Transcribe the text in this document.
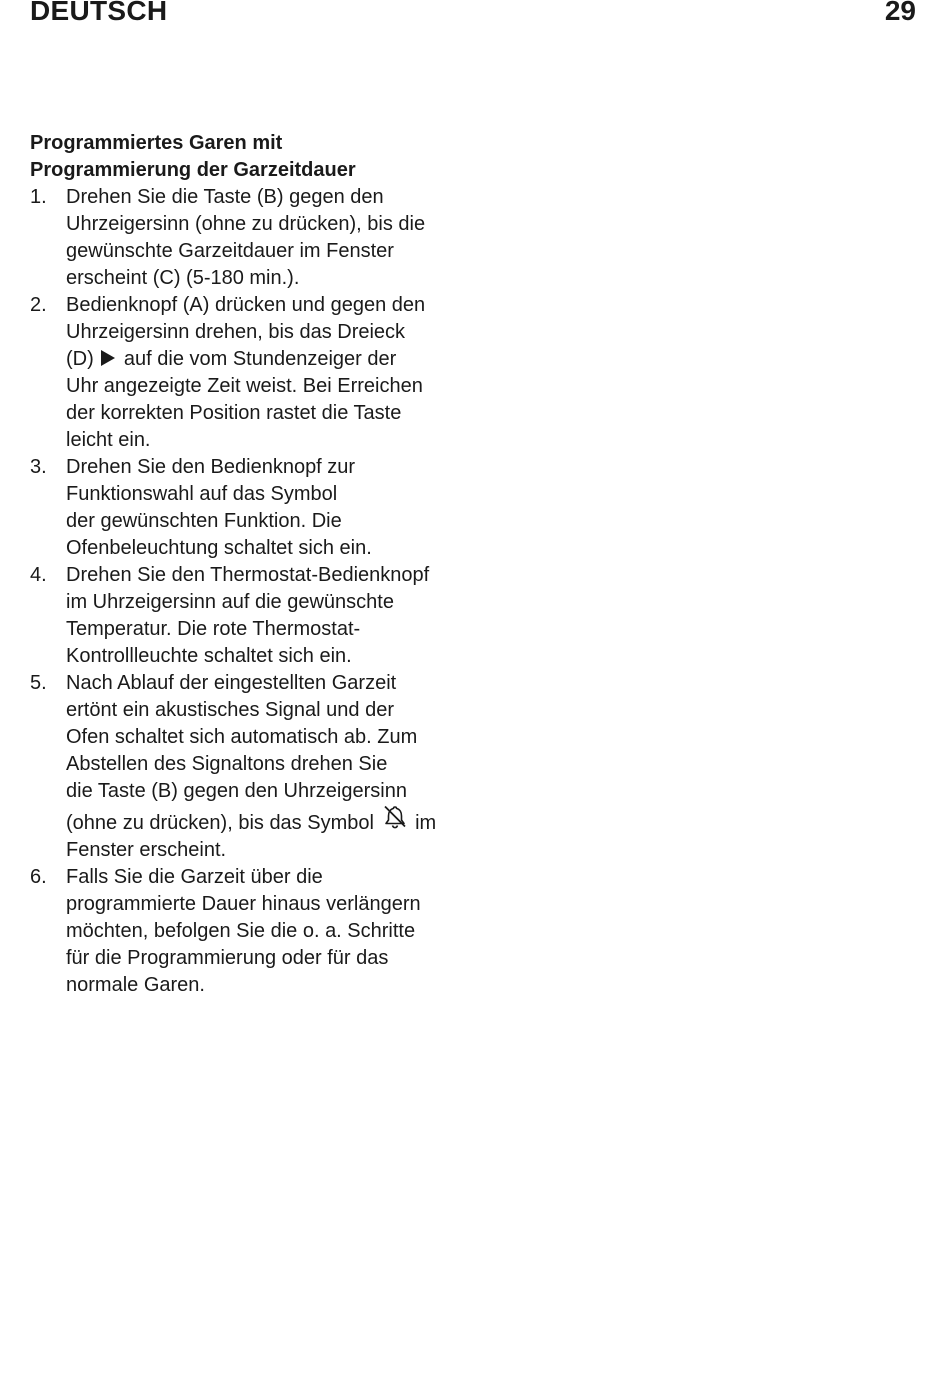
DEUTSCH	29
Programmiertes Garen mit
Programmierung der Garzeitdauer
1. Drehen Sie die Taste (B) gegen den
Uhrzeigersinn (ohne zu drücken), bis die
gewünschte Garzeitdauer im Fenster
erscheint (C) (5-180 min.).
2. Bedienknopf (A) drücken und gegen den
Uhrzeigersinn drehen, bis das Dreieck
(D) auf die vom Stundenzeiger der
Uhr angezeigte Zeit weist. Bei Erreichen
der korrekten Position rastet die Taste
leicht ein.
3. Drehen Sie den Bedienknopf zur
Funktionswahl auf das Symbol
der gewünschten Funktion. Die
Ofenbeleuchtung schaltet sich ein.
4. Drehen Sie den Thermostat-Bedienknopf
im Uhrzeigersinn auf die gewünschte
Temperatur. Die rote Thermostat-
Kontrollleuchte schaltet sich ein.
5. Nach Ablauf der eingestellten Garzeit
ertönt ein akustisches Signal und der
Ofen schaltet sich automatisch ab. Zum
Abstellen des Signaltons drehen Sie
die Taste (B) gegen den Uhrzeigersinn
(ohne zu drücken), bis das Symbol im
Fenster erscheint.
6. Falls Sie die Garzeit über die
programmierte Dauer hinaus verlängern
möchten, befolgen Sie die o. a. Schritte
für die Programmierung oder für das
normale Garen.
